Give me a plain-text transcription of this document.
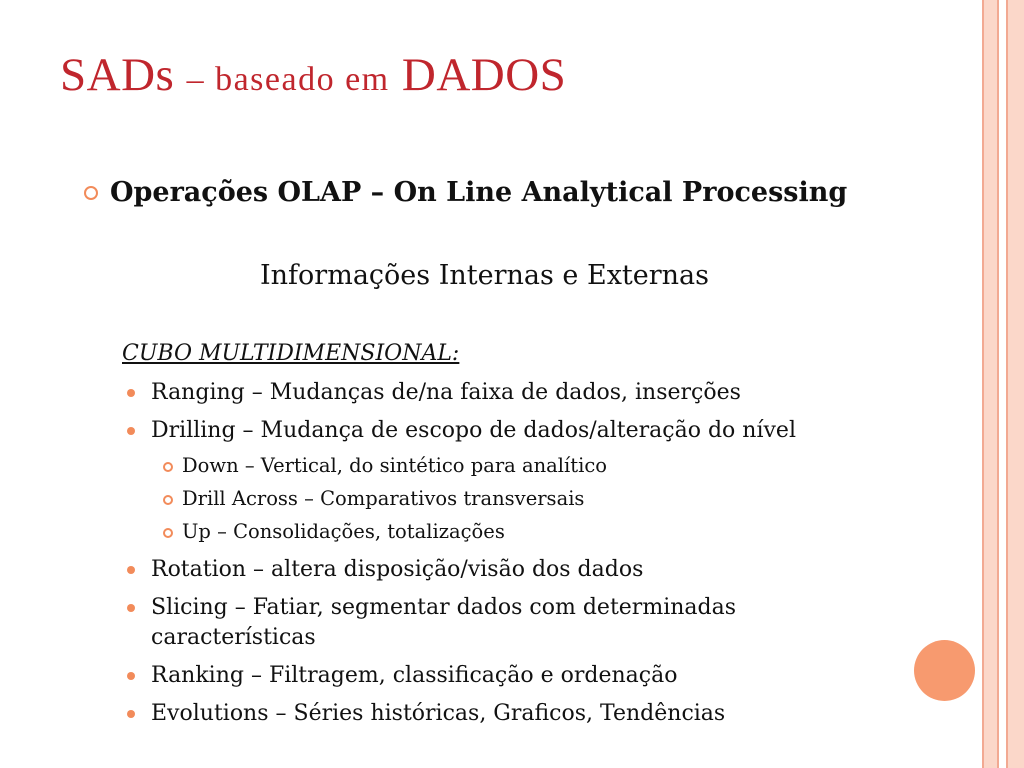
SADs – baseado em DADOS
Operações OLAP – On Line Analytical Processing
Informações Internas e Externas
CUBO MULTIDIMENSIONAL:
Ranging – Mudanças de/na faixa de dados, inserções
Drilling – Mudança de escopo de dados/alteração do nível
Down – Vertical, do sintético para analítico
Drill Across – Comparativos transversais
Up – Consolidações, totalizações
Rotation – altera disposição/visão dos dados
Slicing – Fatiar, segmentar dados com determinadas características
Ranking – Filtragem, classificação e ordenação
Evolutions – Séries históricas, Graficos, Tendências
